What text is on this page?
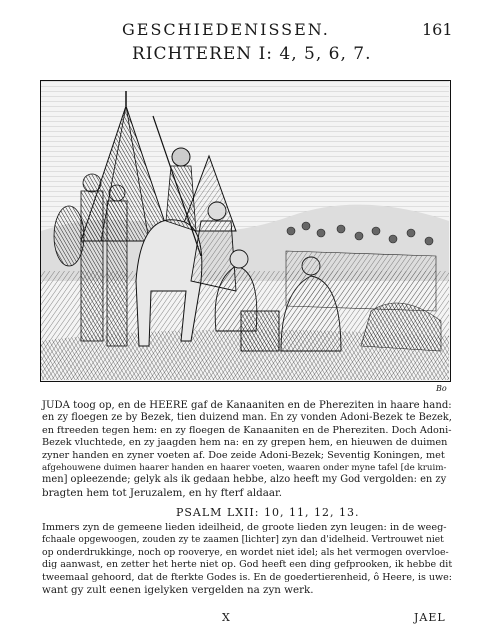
GESCHIEDENISSEN.	161
RICHTEREN I: 4, 5, 6, 7.
Bo
JUDA toog op, en de HEERE gaf de Kanaaniten en de Phereziten in haare hand:
en zy floegen ze by Bezek, tien duizend man. En zy vonden Adoni-Bezek te Bezek,
en ftreeden tegen hem: en zy floegen de Kanaaniten en de Phereziten. Doch Adoni-
Bezek vluchtede, en zy jaagden hem na: en zy grepen hem, en hieuwen de duimen
zyner handen en zyner voeten af. Doe zeide Adoni-Bezek; Seventig Koningen, met
afgehouwene duimen haarer handen en haarer voeten, waaren onder myne tafel [de kruim-
men] opleezende; gelyk als ik gedaan hebbe, alzo heeft my God vergolden: en zy
bragten hem tot Jeruzalem, en hy fterf aldaar.
PSALM LXII: 10, 11, 12, 13.
Immers zyn de gemeene lieden ideilheid, de groote lieden zyn leugen: in de weeg-
fchaale opgewoogen, zouden zy te zaamen [lichter] zyn dan d'idelheid. Vertrouwet niet
op onderdrukkinge, noch op rooverye, en wordet niet idel; als het vermogen overvloe-
dig aanwast, en zetter het herte niet op. God heeft een ding gefprooken, ik hebbe dit
tweemaal gehoord, dat de fterkte Godes is. En de goedertierenheid, ô Heere, is uwe:
want gy zult eenen igelyken vergelden na zyn werk.
X	JAEL
